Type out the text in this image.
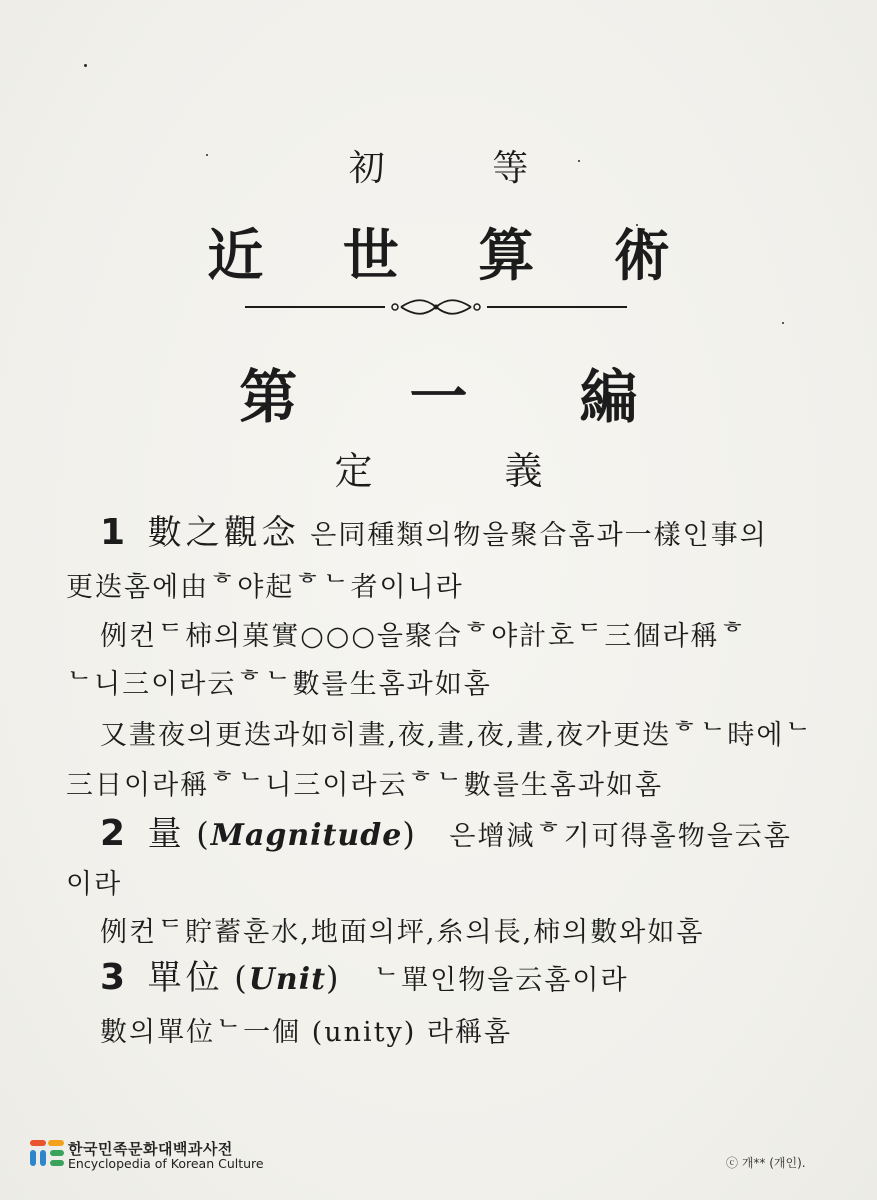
初 等
近 世 算 術
第 一 編
定 義
1 數之觀念 은同種類의物을聚合홈과一樣인事의
更迭홈에由ᄒ야起ᄒᄂ者이니라
例컨ᄃ柿의菓實○○○을聚合ᄒ야計호ᄃ三個라稱ᄒ
ᄂ니三이라云ᄒᄂ數를生홈과如홈
又晝夜의更迭과如히晝,夜,晝,夜,晝,夜가更迭ᄒᄂ時에ᄂ
三日이라稱ᄒᄂ니三이라云ᄒᄂ數를生홈과如홈
2 量 (Magnitude) 은增減ᄒ기可得홀物을云홈
이라
例컨ᄃ貯蓄훈水,地面의坪,糸의長,柿의數와如홈
3 單位 (Unit) ᄂ單인物을云홈이라
數의單位ᄂ一個 (unity) 라稱홈
한국민족문화대백과사전
Encyclopedia of Korean Culture	ⓒ 개** (개인).
